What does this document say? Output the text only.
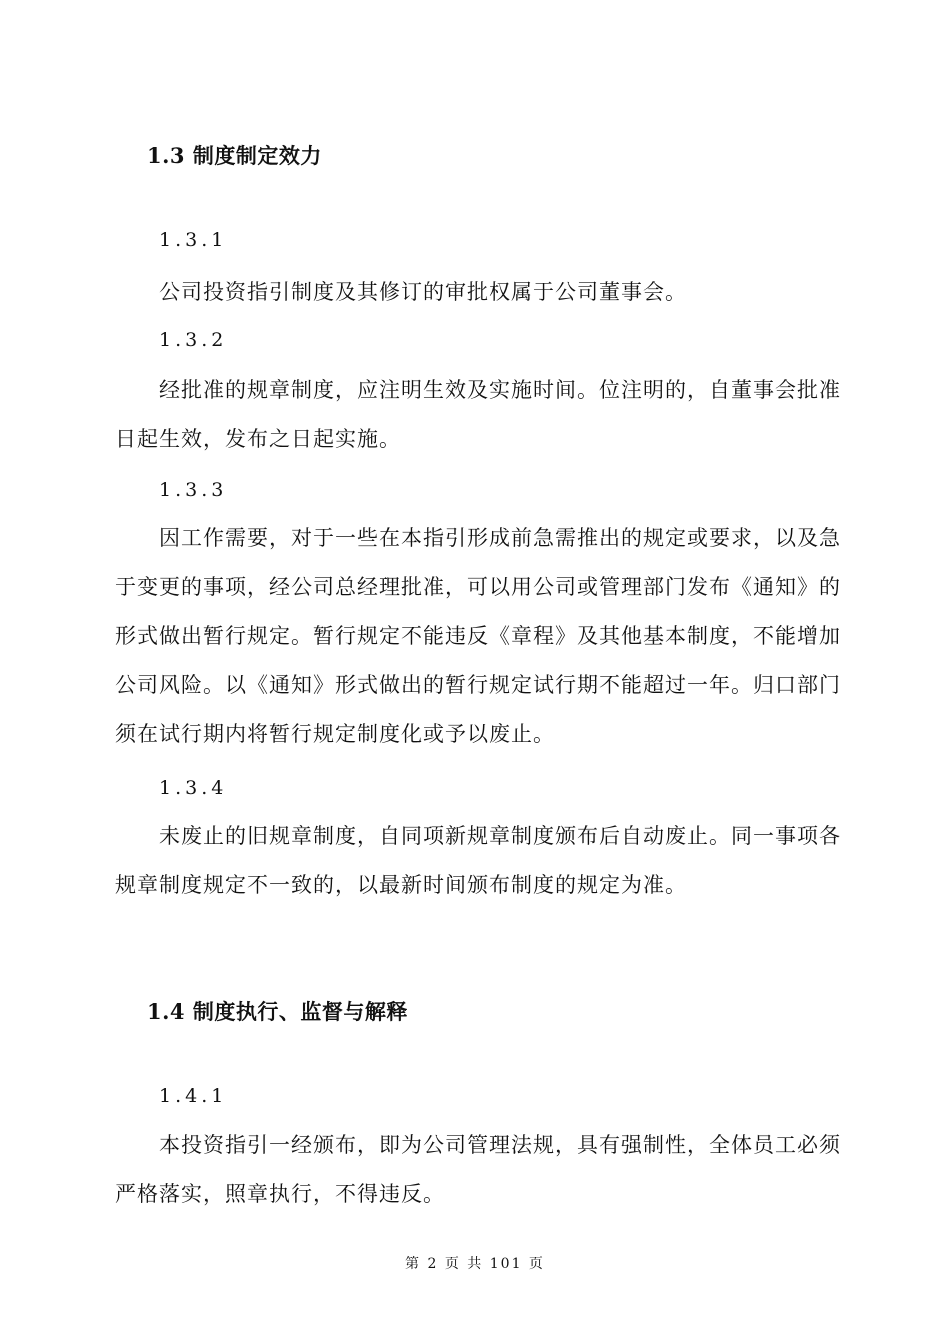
1.3 制度制定效力
1.3.1
公司投资指引制度及其修订的审批权属于公司董事会。
1.3.2
经批准的规章制度，应注明生效及实施时间。位注明的，自董事会批准日起生效，发布之日起实施。
1.3.3
因工作需要，对于一些在本指引形成前急需推出的规定或要求，以及急于变更的事项，经公司总经理批准，可以用公司或管理部门发布《通知》的形式做出暂行规定。暂行规定不能违反《章程》及其他基本制度，不能增加公司风险。以《通知》形式做出的暂行规定试行期不能超过一年。归口部门须在试行期内将暂行规定制度化或予以废止。
1.3.4
未废止的旧规章制度，自同项新规章制度颁布后自动废止。同一事项各规章制度规定不一致的，以最新时间颁布制度的规定为准。
1.4 制度执行、监督与解释
1.4.1
本投资指引一经颁布，即为公司管理法规，具有强制性，全体员工必须严格落实，照章执行，不得违反。
第 2 页 共 101 页
